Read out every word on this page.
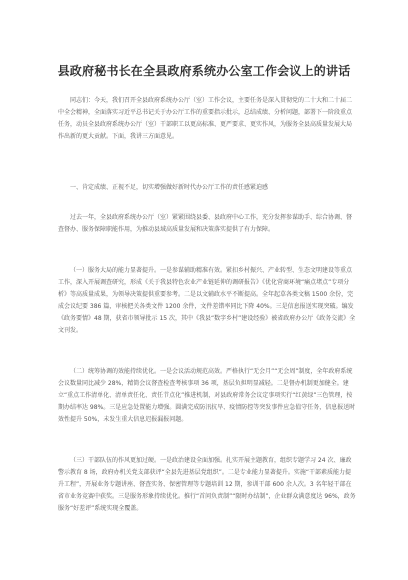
县政府秘书长在全县政府系统办公室工作会议上的讲话

同志们：今天，我们召开全县政府系统办公厅（室）工作会议，主要任务是深入贯彻党的二十大和二十届二中全会精神，全面落实习近平总书记关于办公厅工作的重要指示批示，总结成绩、分析问题，部署下一阶段重点任务，动员全县政府系统办公厅（室）干部职工以更高标准、更严要求、更实作风，为服务全县高质量发展大局作出新的更大贡献。下面，我讲三方面意见。

一、肯定成绩、正视不足，切实增强做好新时代办公厅工作的责任感紧迫感

过去一年，全县政府系统办公厅（室）紧紧围绕县委、县政府中心工作，充分发挥参谋助手、综合协调、督查督办、服务保障职能作用，为推动县域高质量发展和决策落实提供了有力保障。

（一）服务大局的能力显著提升。一是参谋辅助精准有效。紧扣乡村振兴、产业转型、生态文明建设等重点工作，深入开展调查研究，形成《关于我县特色农业产业链延伸的调研报告》《优化营商环境“痛点堵点”专项分析》等高质量成果，为领导决策提供重要参考。二是以文辅政水平不断提高。全年起草各类文稿 1500 余份，完成会议纪要 386 篇，审核把关各类文件 1200 余件，文件差错率同比下降 40%。三是信息报送实现突破。编发《政务要情》48 期，获省市领导批示 15 次，其中《我县“数字乡村”建设经验》被省政府办公厅《政务交流》全文刊发。

（二）统筹协调的效能持续优化。一是会议活动规范高效。严格执行“无会月”“无会周”制度，全年政府系统会议数量同比减少 28%，精简会议督查检查考核事项 36 项，基层负担明显减轻。二是督办机制更加健全。建立“重点工作清单化、清单责任化、责任节点化”推进机制，对县政府常务会议定事项实行“红黄绿”三色管理，按期办结率达 98%。三是应急处置能力增强。圆满完成防汛抗旱、疫情防控等突发事件应急值守任务，信息报送时效性提升 50%，未发生重大信息迟报漏报问题。

（三）干部队伍的作风更加过硬。一是政治建设全面加强。扎实开展主题教育，组织专题学习 24 次、廉政警示教育 8 场，政府办机关党支部获评“全县先进基层党组织”。二是专业能力显著提升。实施“干部素质能力提升工程”，开展业务专题讲座、督查实务、保密管理等专题培训 12 期，参训干部 600 余人次。3 名年轻干部在省市业务竞赛中获奖。三是服务形象持续优化。推行“首问负责制”“限时办结制”，企业群众满意度达 96%，政务服务“好差评”系统实现全覆盖。
